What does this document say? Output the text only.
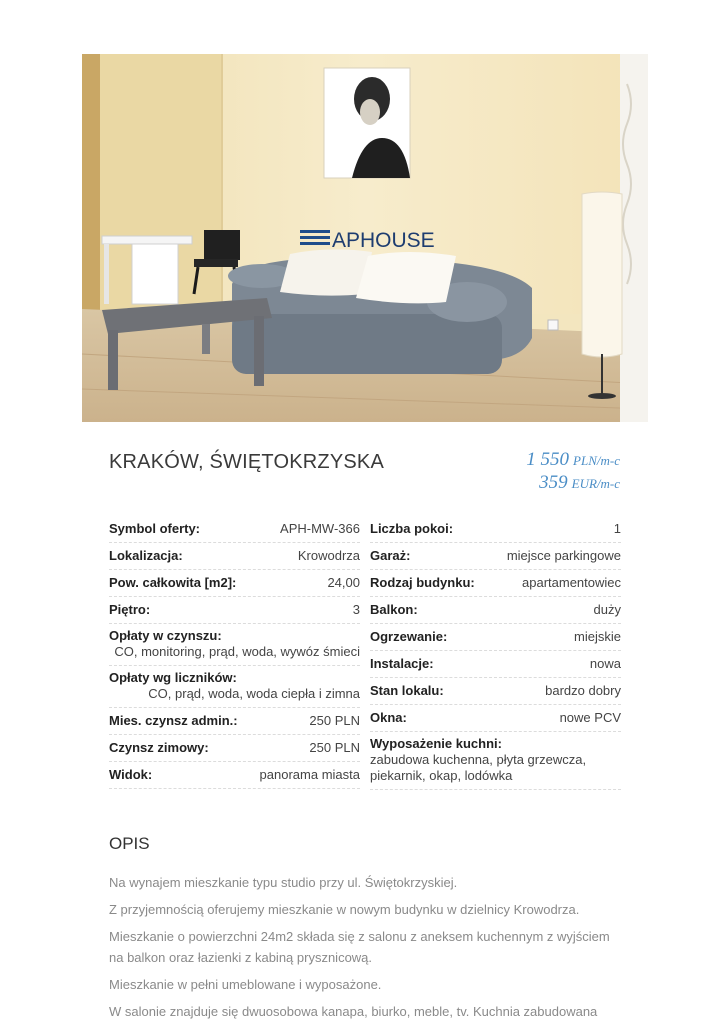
APHOUSE
KRAKÓW, ŚWIĘTOKRZYSKA	1 550 PLN/m-c
359 EUR/m-c
Symbol oferty:	APH-MW-366
Lokalizacja:	Krowodrza
Pow. całkowita [m2]:	24,00
Piętro:	3
Opłaty w czynszu:
CO, monitoring, prąd, woda, wywóz śmieci
Opłaty wg liczników:
CO, prąd, woda, woda ciepła i zimna
Mies. czynsz admin.:	250 PLN
Czynsz zimowy:	250 PLN
Widok:	panorama miasta
Liczba pokoi:	1
Garaż:	miejsce parkingowe
Rodzaj budynku:	apartamentowiec
Balkon:	duży
Ogrzewanie:	miejskie
Instalacje:	nowa
Stan lokalu:	bardzo dobry
Okna:	nowe PCV
Wyposażenie kuchni:
zabudowa kuchenna, płyta grzewcza, piekarnik, okap, lodówka
OPIS

Na wynajem mieszkanie typu studio przy ul. Świętokrzyskiej.

Z przyjemnością oferujemy mieszkanie w nowym budynku w dzielnicy Krowodrza.

Mieszkanie o powierzchni 24m2 składa się z salonu z aneksem kuchennym z wyjściem na balkon oraz łazienki z kabiną prysznicową.

Mieszkanie w pełni umeblowane i wyposażone.

W salonie znajduje się dwuosobowa kanapa, biurko, meble, tv. Kuchnia zabudowana
